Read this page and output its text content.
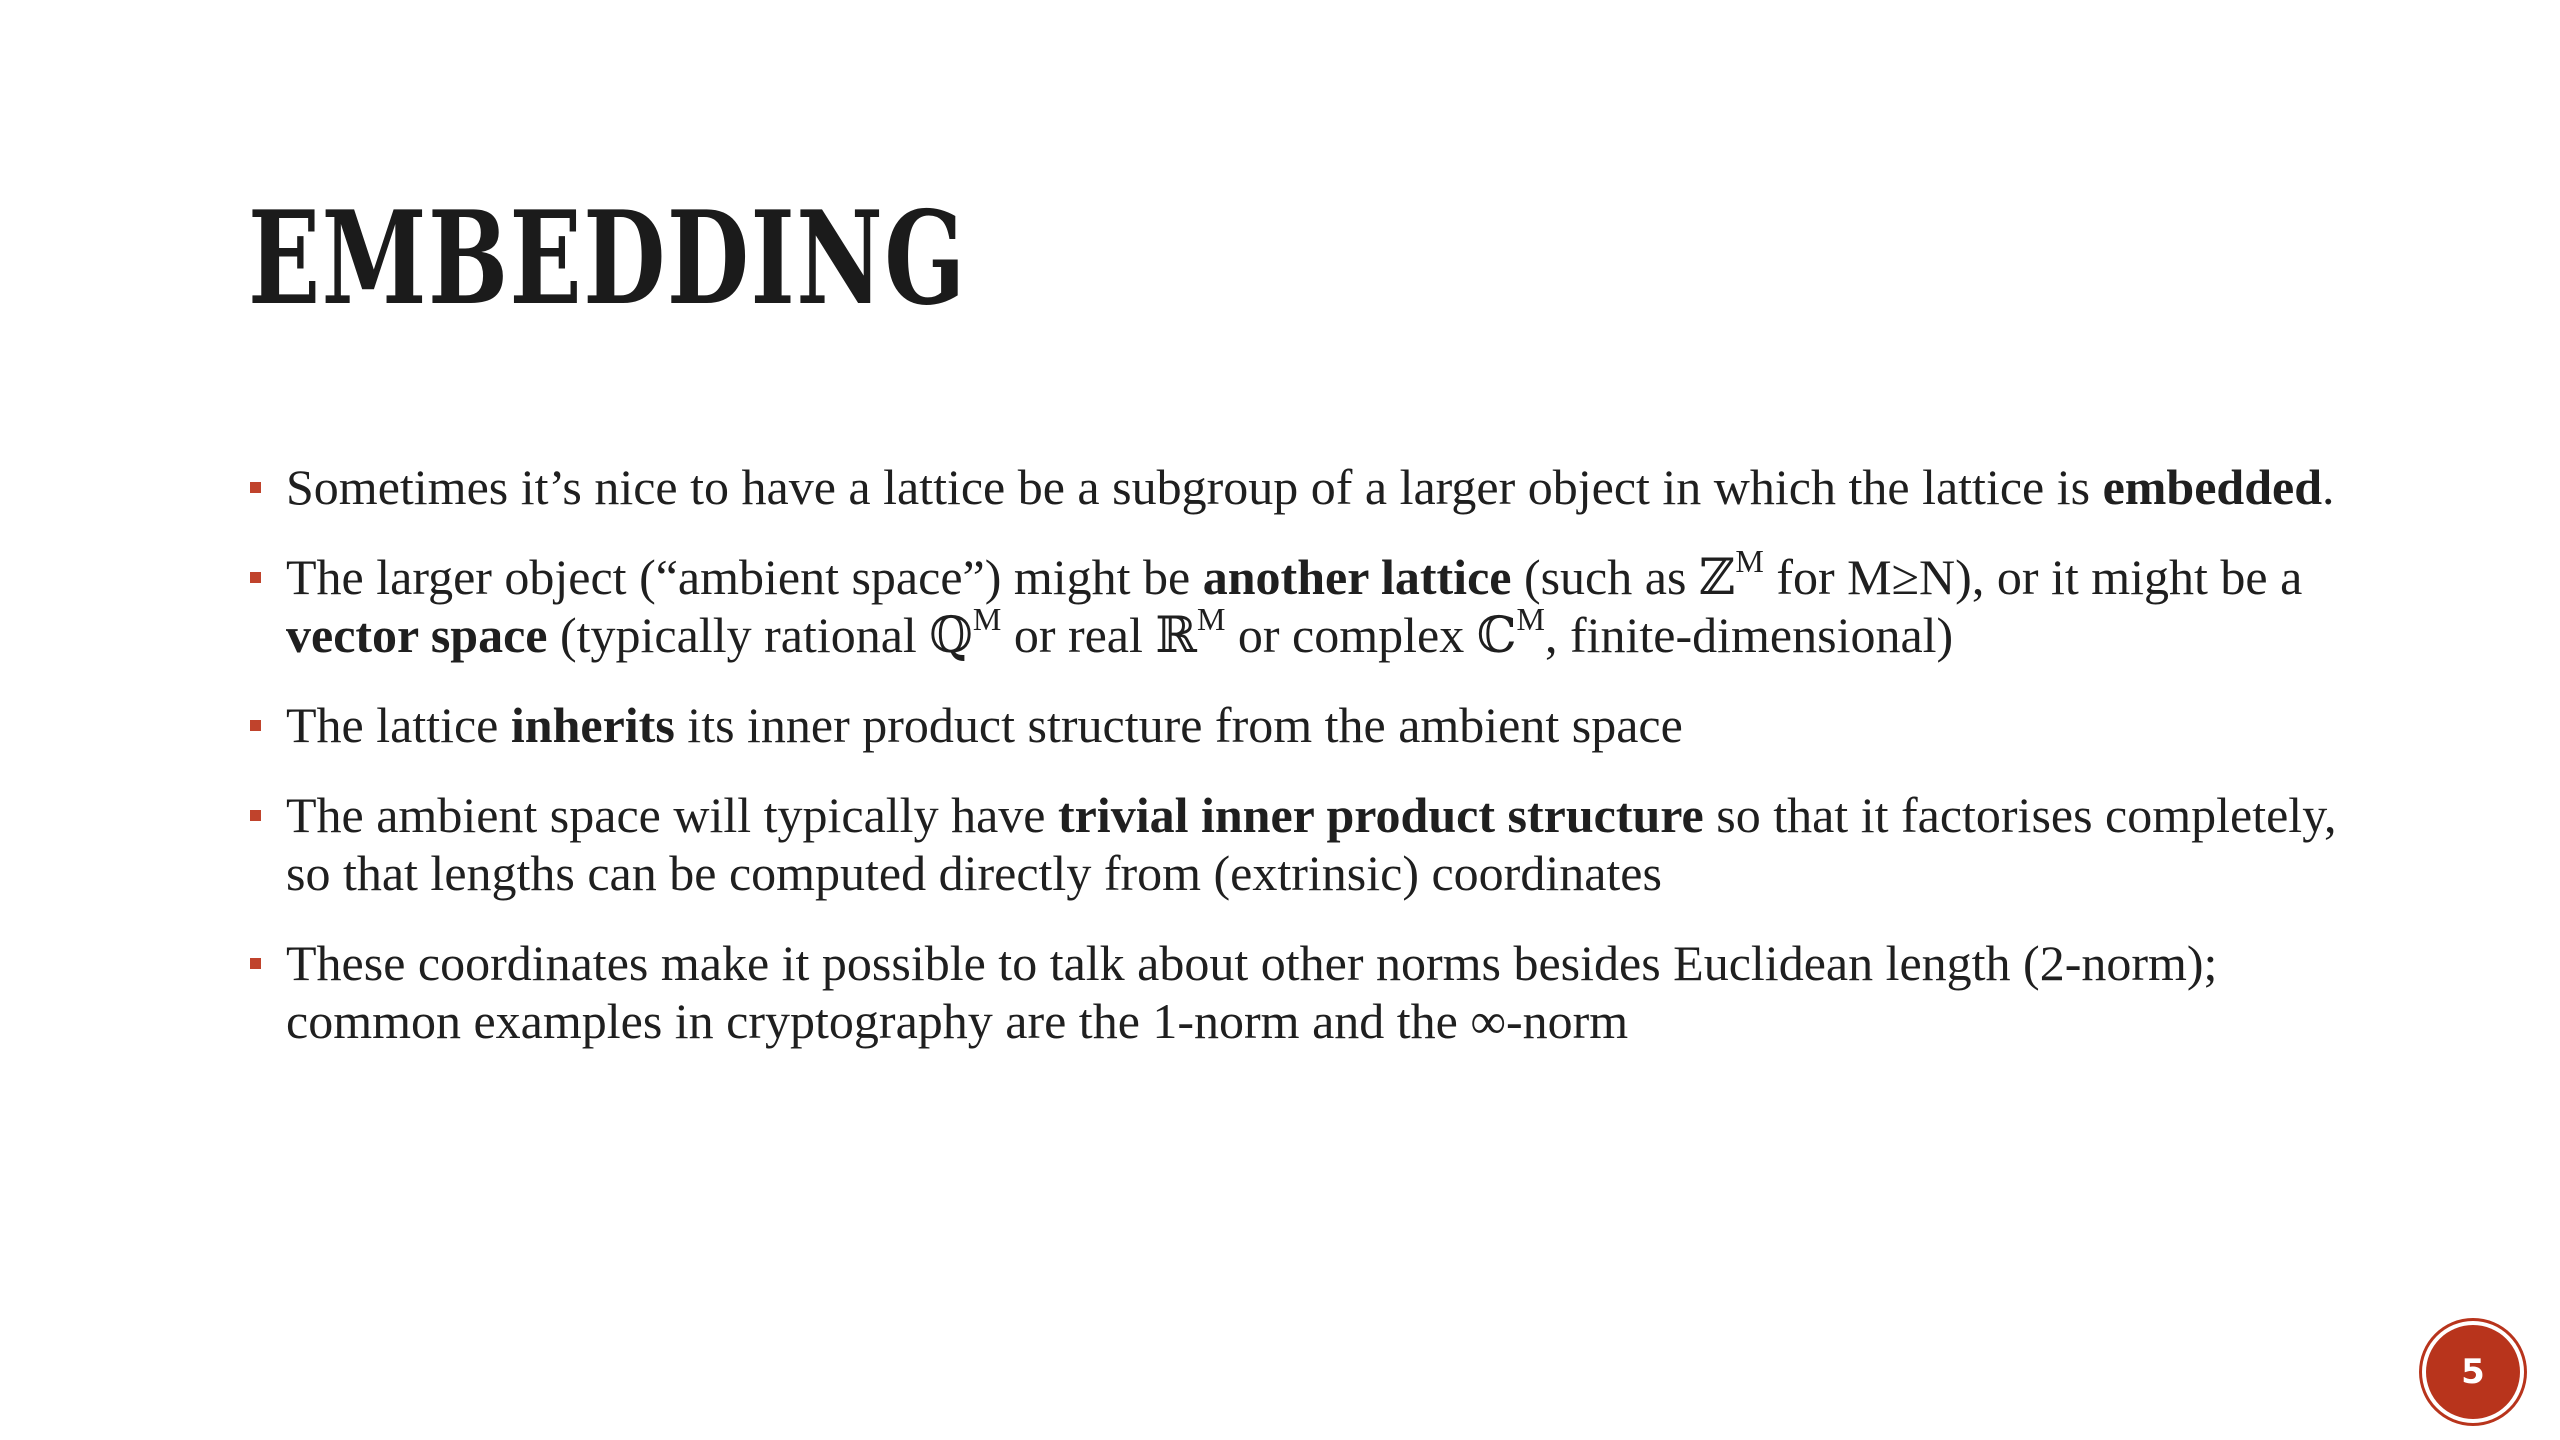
EMBEDDING
Sometimes it’s nice to have a lattice be a subgroup of a larger object in which the lattice is embedded.
The larger object (“ambient space”) might be another lattice (such as ℤ$^M$ for M≥N), or it might be a vector space (typically rational ℚ$^M$ or real ℝ$^M$ or complex ℂ$^M$, finite-dimensional)
The lattice inherits its inner product structure from the ambient space
The ambient space will typically have trivial inner product structure so that it factorises completely, so that lengths can be computed directly from (extrinsic) coordinates
These coordinates make it possible to talk about other norms besides Euclidean length (2-norm); common examples in cryptography are the 1-norm and the ∞-norm
5
